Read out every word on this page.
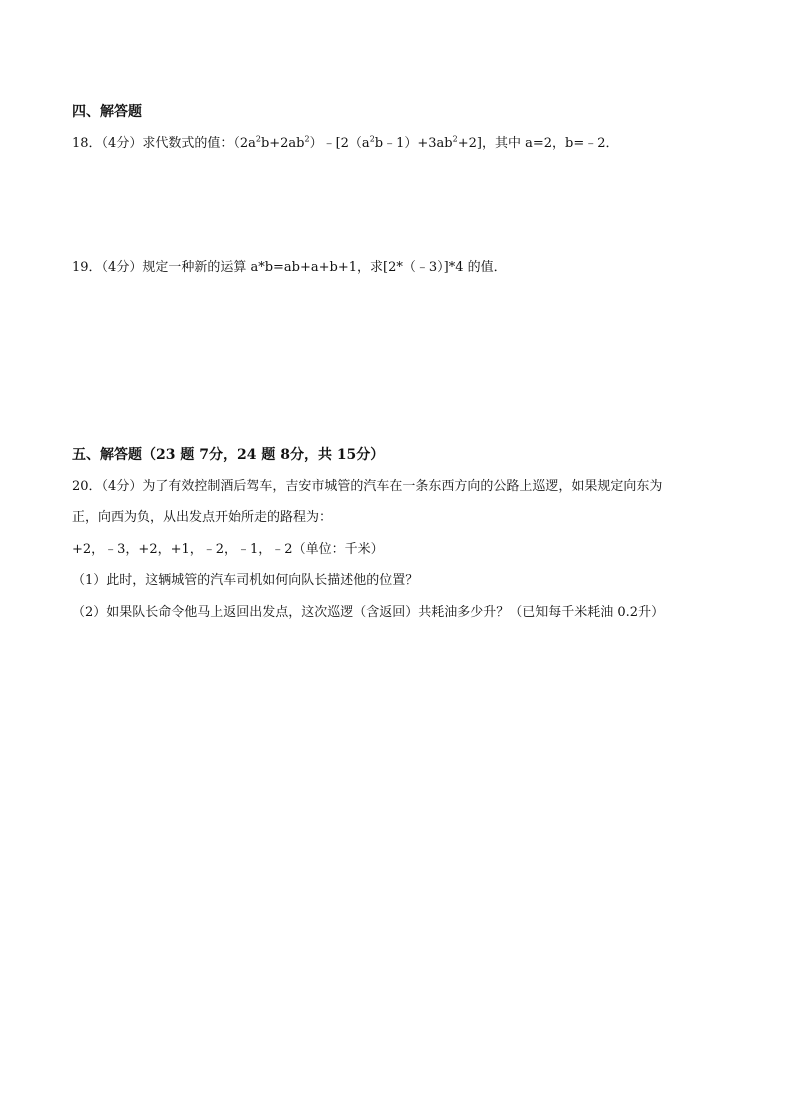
四、解答题
18．（4分）求代数式的值：$(2a^2b+2ab^2)﹣[2(a^2b﹣1)+3ab^2+2]$，其中 a=2，b=﹣2．
19．（4分）规定一种新的运算 a*b=ab+a+b+1，求[2*（﹣3）]*4 的值．
五、解答题（23 题 7分，24 题 8分，共 15分）
20．（4分）为了有效控制酒后驾车，吉安市城管的汽车在一条东西方向的公路上巡逻，如果规定向东为
正，向西为负，从出发点开始所走的路程为：
+2，﹣3，+2，+1，﹣2，﹣1，﹣2（单位：千米）
（1）此时，这辆城管的汽车司机如何向队长描述他的位置？
（2）如果队长命令他马上返回出发点，这次巡逻（含返回）共耗油多少升？（已知每千米耗油 0.2升）
